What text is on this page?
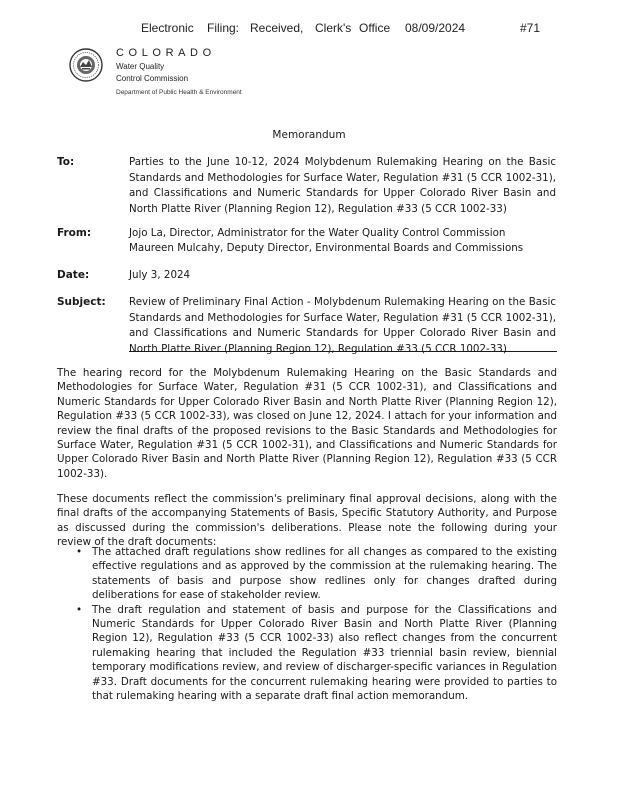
Electronic Filing: Received, Clerk's Office 08/09/2024	#71
COLORADO
Water Quality
Control Commission
Department of Public Health & Environment
Memorandum
To:	Parties to the June 10-12, 2024 Molybdenum Rulemaking Hearing on the Basic Standards and Methodologies for Surface Water, Regulation #31 (5 CCR 1002-31), and Classifications and Numeric Standards for Upper Colorado River Basin and North Platte River (Planning Region 12), Regulation #33 (5 CCR 1002-33)
From:	Jojo La, Director, Administrator for the Water Quality Control Commission
Maureen Mulcahy, Deputy Director, Environmental Boards and Commissions
Date:	July 3, 2024
Subject: Review of Preliminary Final Action - Molybdenum Rulemaking Hearing on the Basic Standards and Methodologies for Surface Water, Regulation #31 (5 CCR 1002-31), and Classifications and Numeric Standards for Upper Colorado River Basin and North Platte River (Planning Region 12), Regulation #33 (5 CCR 1002-33)
The hearing record for the Molybdenum Rulemaking Hearing on the Basic Standards and Methodologies for Surface Water, Regulation #31 (5 CCR 1002-31), and Classifications and Numeric Standards for Upper Colorado River Basin and North Platte River (Planning Region 12), Regulation #33 (5 CCR 1002-33), was closed on June 12, 2024. I attach for your information and review the final drafts of the proposed revisions to the Basic Standards and Methodologies for Surface Water, Regulation #31 (5 CCR 1002-31), and Classifications and Numeric Standards for Upper Colorado River Basin and North Platte River (Planning Region 12), Regulation #33 (5 CCR 1002-33).
These documents reflect the commission's preliminary final approval decisions, along with the final drafts of the accompanying Statements of Basis, Specific Statutory Authority, and Purpose as discussed during the commission's deliberations. Please note the following during your review of the draft documents:
• The attached draft regulations show redlines for all changes as compared to the existing effective regulations and as approved by the commission at the rulemaking hearing. The statements of basis and purpose show redlines only for changes drafted during deliberations for ease of stakeholder review.
• The draft regulation and statement of basis and purpose for the Classifications and Numeric Standards for Upper Colorado River Basin and North Platte River (Planning Region 12), Regulation #33 (5 CCR 1002-33) also reflect changes from the concurrent rulemaking hearing that included the Regulation #33 triennial basin review, biennial temporary modifications review, and review of discharger-specific variances in Regulation #33. Draft documents for the concurrent rulemaking hearing were provided to parties to that rulemaking hearing with a separate draft final action memorandum.
